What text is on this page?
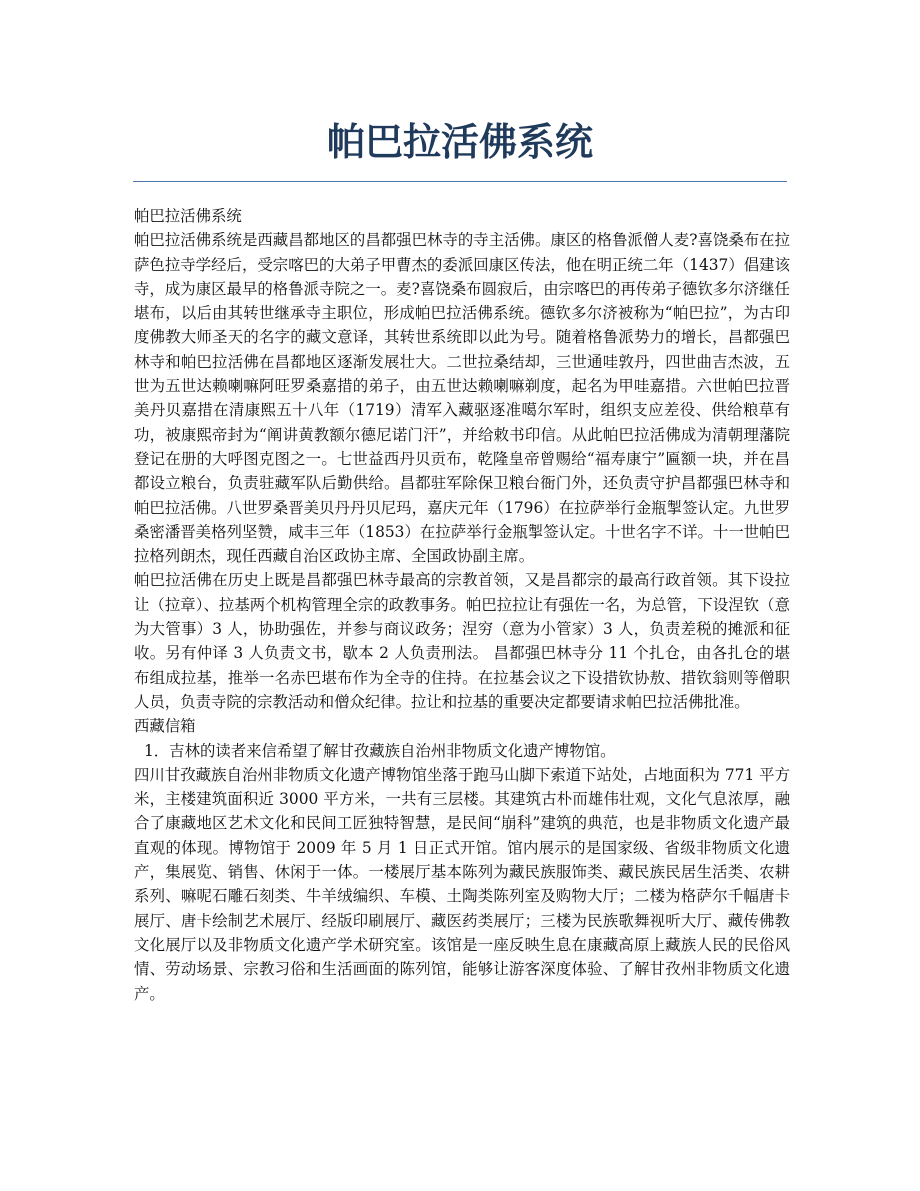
帕巴拉活佛系统

帕巴拉活佛系统

帕巴拉活佛系统是西藏昌都地区的昌都强巴林寺的寺主活佛。康区的格鲁派僧人麦?喜饶桑布在拉萨色拉寺学经后，受宗喀巴的大弟子甲曹杰的委派回康区传法，他在明正统二年（1437）倡建该寺，成为康区最早的格鲁派寺院之一。麦?喜饶桑布圆寂后，由宗喀巴的再传弟子德钦多尔济继任堪布，以后由其转世继承寺主职位，形成帕巴拉活佛系统。德钦多尔济被称为“帕巴拉”，为古印度佛教大师圣天的名字的藏文意译，其转世系统即以此为号。随着格鲁派势力的增长，昌都强巴林寺和帕巴拉活佛在昌都地区逐渐发展壮大。二世拉桑结却，三世通哇敦丹，四世曲吉杰波，五世为五世达赖喇嘛阿旺罗桑嘉措的弟子，由五世达赖喇嘛剃度，起名为甲哇嘉措。六世帕巴拉晋美丹贝嘉措在清康熙五十八年（1719）清军入藏驱逐准噶尔军时，组织支应差役、供给粮草有功，被康熙帝封为“阐讲黄教额尔德尼诺门汗”，并给敕书印信。从此帕巴拉活佛成为清朝理藩院登记在册的大呼图克图之一。七世益西丹贝贡布，乾隆皇帝曾赐给“福寿康宁”匾额一块，并在昌都设立粮台，负责驻藏军队后勤供给。昌都驻军除保卫粮台衙门外，还负责守护昌都强巴林寺和帕巴拉活佛。八世罗桑晋美贝丹丹贝尼玛，嘉庆元年（1796）在拉萨举行金瓶掣签认定。九世罗桑密潘晋美格列坚赞，咸丰三年（1853）在拉萨举行金瓶掣签认定。十世名字不详。十一世帕巴拉格列朗杰，现任西藏自治区政协主席、全国政协副主席。

帕巴拉活佛在历史上既是昌都强巴林寺最高的宗教首领，又是昌都宗的最高行政首领。其下设拉让（拉章）、拉基两个机构管理全宗的政教事务。帕巴拉拉让有强佐一名，为总管，下设涅钦（意为大管事）3 人，协助强佐，并参与商议政务；涅穷（意为小管家）3 人，负责差税的摊派和征收。另有仲译 3 人负责文书，歇本 2 人负责刑法。 昌都强巴林寺分 11 个扎仓，由各扎仓的堪布组成拉基，推举一名赤巴堪布作为全寺的住持。在拉基会议之下设措钦协敖、措钦翁则等僧职人员，负责寺院的宗教活动和僧众纪律。拉让和拉基的重要决定都要请求帕巴拉活佛批准。

西藏信箱

1．吉林的读者来信希望了解甘孜藏族自治州非物质文化遗产博物馆。

四川甘孜藏族自治州非物质文化遗产博物馆坐落于跑马山脚下索道下站处，占地面积为 771 平方米，主楼建筑面积近 3000 平方米，一共有三层楼。其建筑古朴而雄伟壮观，文化气息浓厚，融合了康藏地区艺术文化和民间工匠独特智慧，是民间“崩科”建筑的典范，也是非物质文化遗产最直观的体现。博物馆于 2009 年 5 月 1 日正式开馆。馆内展示的是国家级、省级非物质文化遗产，集展览、销售、休闲于一体。一楼展厅基本陈列为藏民族服饰类、藏民族民居生活类、农耕系列、嘛呢石雕石刻类、牛羊绒编织、车模、土陶类陈列室及购物大厅；二楼为格萨尔千幅唐卡展厅、唐卡绘制艺术展厅、经版印刷展厅、藏医药类展厅；三楼为民族歌舞视听大厅、藏传佛教文化展厅以及非物质文化遗产学术研究室。该馆是一座反映生息在康藏高原上藏族人民的民俗风情、劳动场景、宗教习俗和生活画面的陈列馆，能够让游客深度体验、了解甘孜州非物质文化遗产。
